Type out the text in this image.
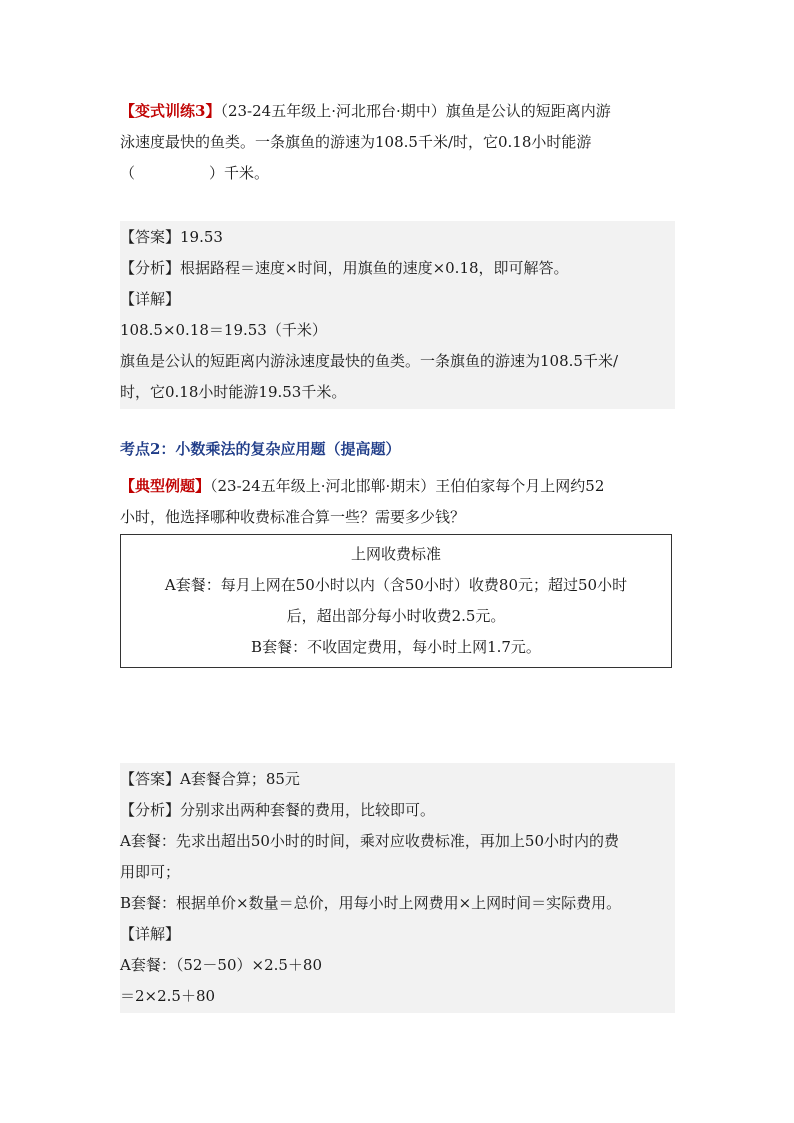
【变式训练3】（23-24五年级上·河北邢台·期中）旗鱼是公认的短距离内游
泳速度最快的鱼类。一条旗鱼的游速为108.5千米/时，它0.18小时能游
（	）千米。
【答案】19.53
【分析】根据路程＝速度×时间，用旗鱼的速度×0.18，即可解答。
【详解】
108.5×0.18＝19.53（千米）
旗鱼是公认的短距离内游泳速度最快的鱼类。一条旗鱼的游速为108.5千米/
时，它0.18小时能游19.53千米。
考点2：小数乘法的复杂应用题（提高题）
【典型例题】（23-24五年级上·河北邯郸·期末）王伯伯家每个月上网约52
小时，他选择哪种收费标准合算一些？需要多少钱？
上网收费标准
A套餐：每月上网在50小时以内（含50小时）收费80元；超过50小时
后，超出部分每小时收费2.5元。
B套餐：不收固定费用，每小时上网1.7元。
【答案】A套餐合算；85元
【分析】分别求出两种套餐的费用，比较即可。
A套餐：先求出超出50小时的时间，乘对应收费标准，再加上50小时内的费
用即可；
B套餐：根据单价×数量＝总价，用每小时上网费用×上网时间＝实际费用。
【详解】
A套餐：（52－50）×2.5＋80
＝2×2.5＋80
